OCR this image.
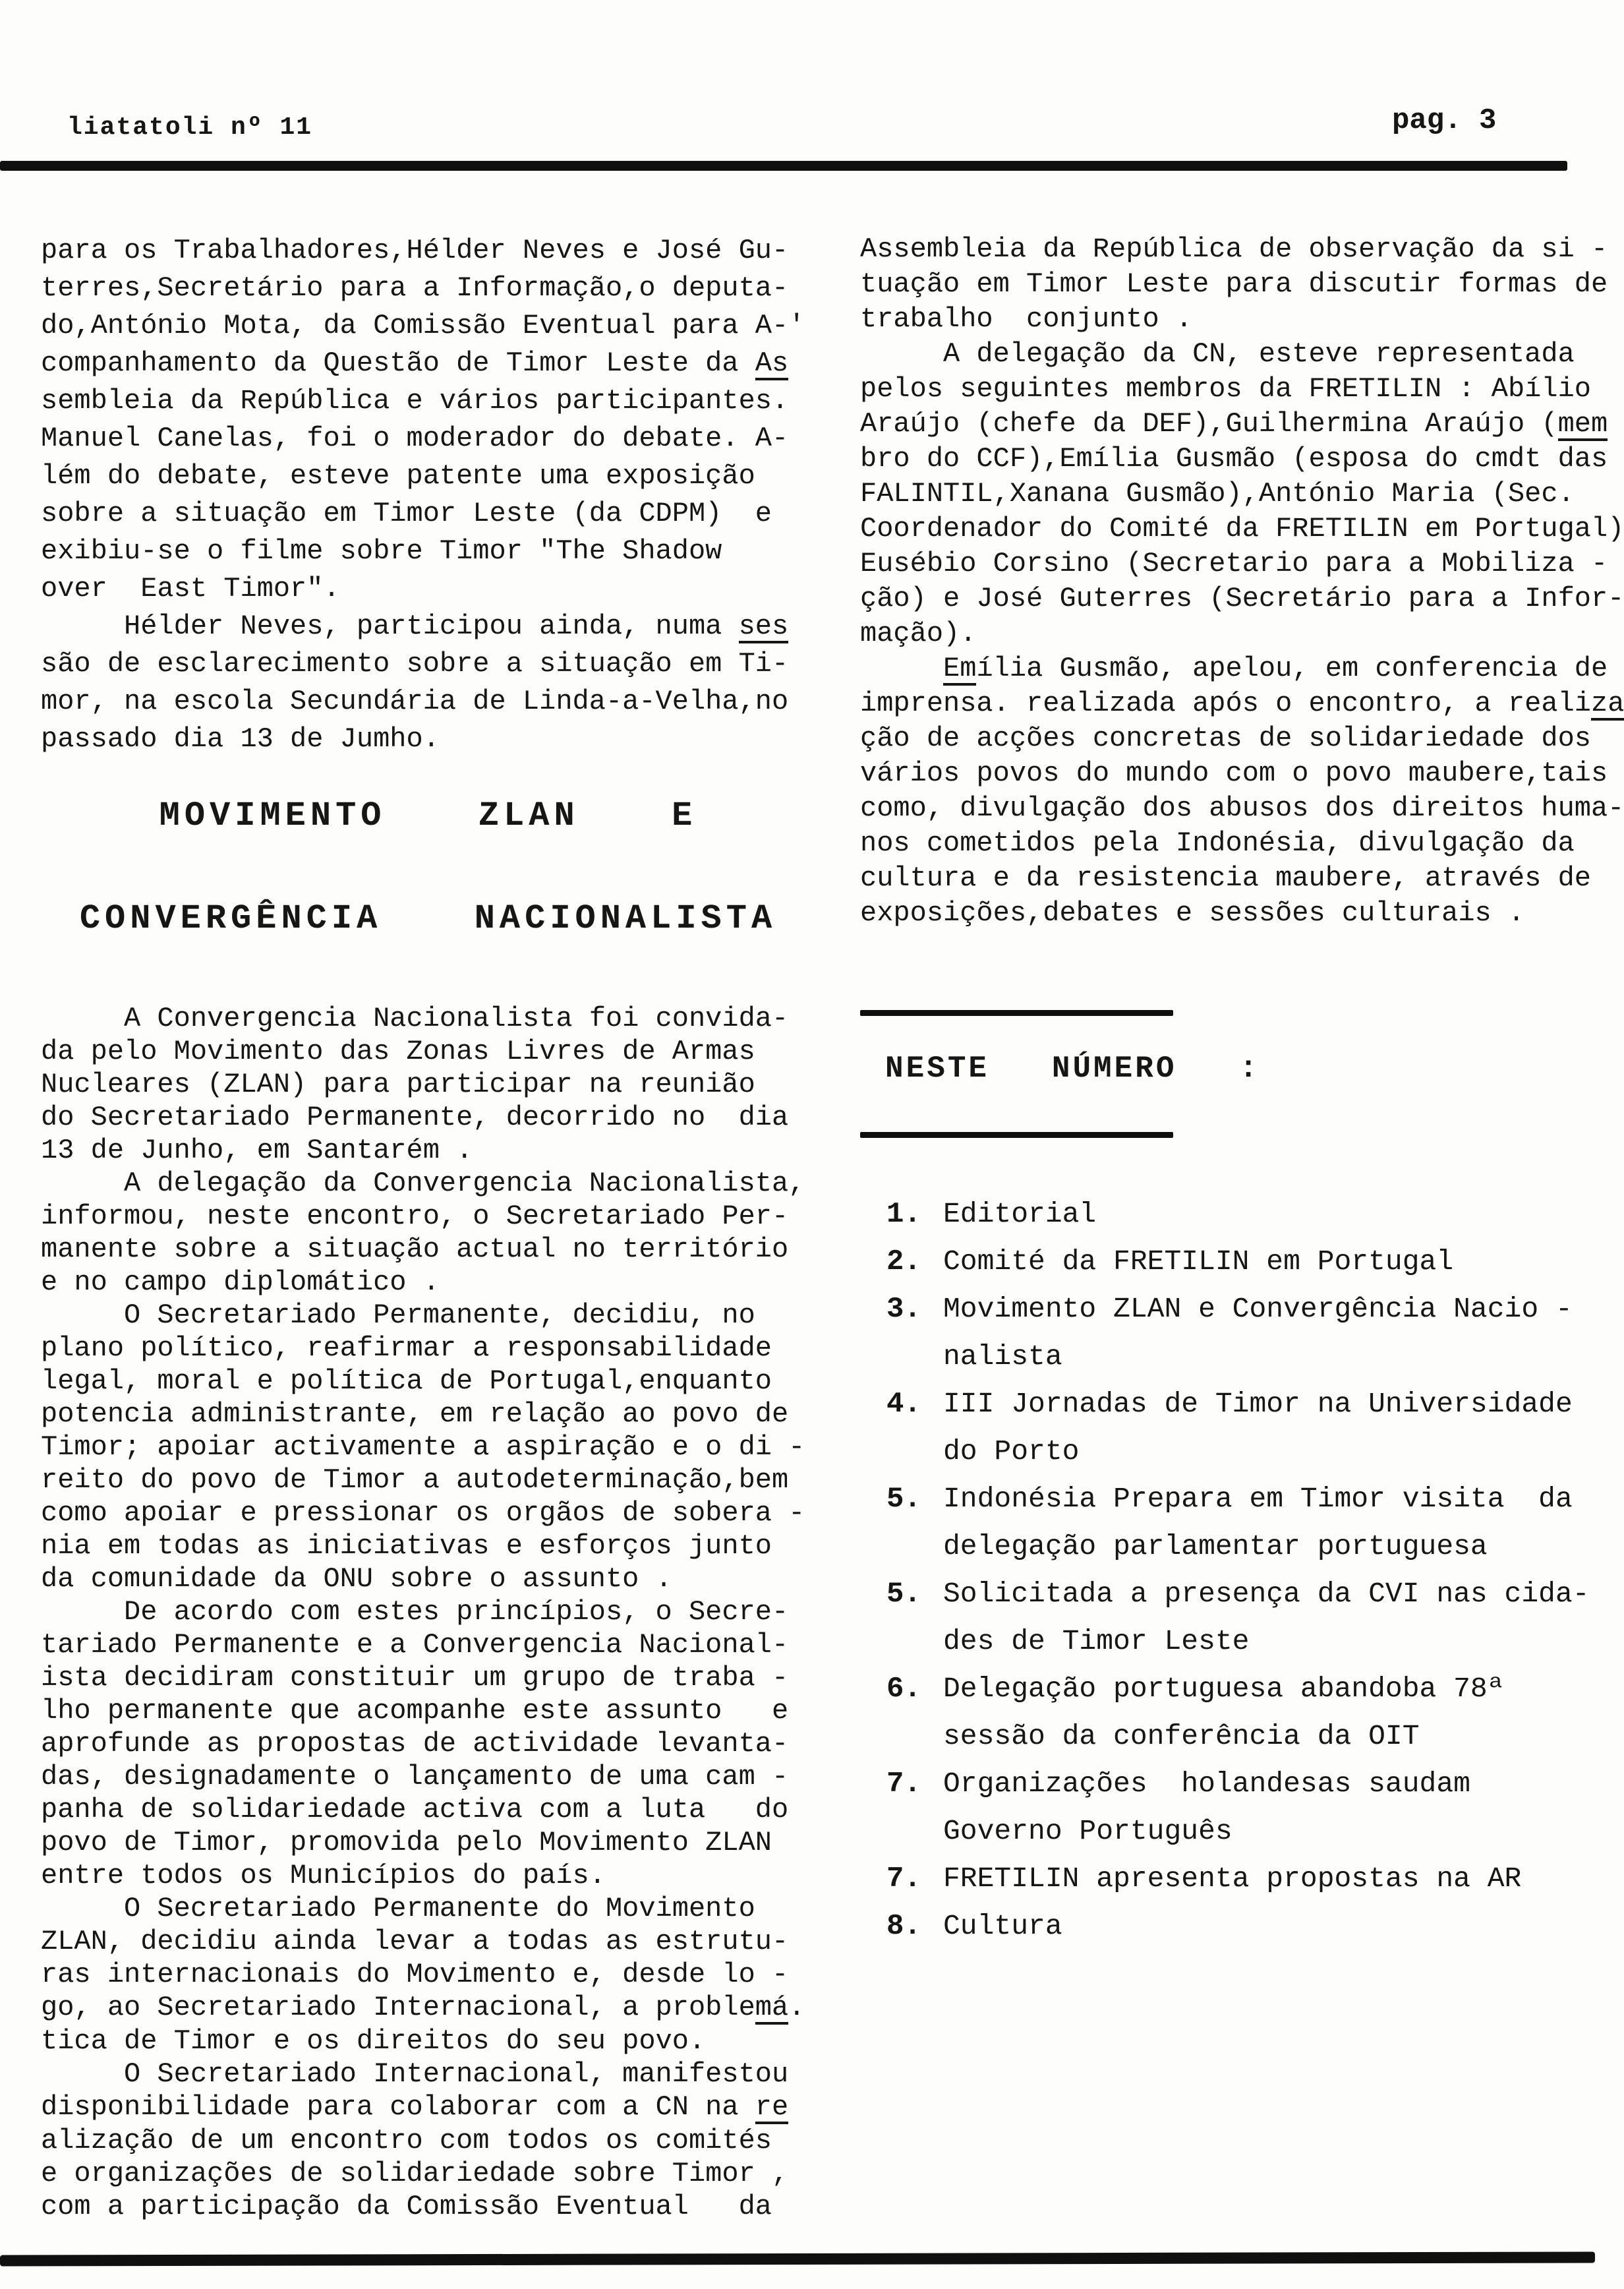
liatatoli nº 11	pag. 3
para os Trabalhadores,Hélder Neves e José Gu-
terres,Secretário para a Informação,o deputa-
do,António Mota, da Comissão Eventual para A-'
companhamento da Questão de Timor Leste da As
sembleia da República e vários participantes.
Manuel Canelas, foi o moderador do debate. A-
lém do debate, esteve patente uma exposição
sobre a situação em Timor Leste (da CDPM)  e
exibiu-se o filme sobre Timor "The Shadow
over  East Timor".
Hélder Neves, participou ainda, numa ses
são de esclarecimento sobre a situação em Ti-
mor, na escola Secundária de Linda-a-Velha,no
passado dia 13 de Jumho.
MOVIMENTO  ZLAN  E
CONVERGÊNCIA  NACIONALISTA
A Convergencia Nacionalista foi convida-
da pelo Movimento das Zonas Livres de Armas
Nucleares (ZLAN) para participar na reunião
do Secretariado Permanente, decorrido no  dia
13 de Junho, em Santarém .
A delegação da Convergencia Nacionalista,
informou, neste encontro, o Secretariado Per-
manente sobre a situação actual no território
e no campo diplomático .
O Secretariado Permanente, decidiu, no
plano político, reafirmar a responsabilidade
legal, moral e política de Portugal,enquanto
potencia administrante, em relação ao povo de
Timor; apoiar activamente a aspiração e o di -
reito do povo de Timor a autodeterminação,bem
como apoiar e pressionar os orgãos de sobera -
nia em todas as iniciativas e esforços junto
da comunidade da ONU sobre o assunto .
De acordo com estes princípios, o Secre-
tariado Permanente e a Convergencia Nacional-
ista decidiram constituir um grupo de traba -
lho permanente que acompanhe este assunto   e
aprofunde as propostas de actividade levanta-
das, designadamente o lançamento de uma cam -
panha de solidariedade activa com a luta   do
povo de Timor, promovida pelo Movimento ZLAN
entre todos os Municípios do país.
O Secretariado Permanente do Movimento
ZLAN, decidiu ainda levar a todas as estrutu-
ras internacionais do Movimento e, desde lo -
go, ao Secretariado Internacional, a problemá.
tica de Timor e os direitos do seu povo.
O Secretariado Internacional, manifestou
disponibilidade para colaborar com a CN na re
alização de um encontro com todos os comités
e organizações de solidariedade sobre Timor ,
com a participação da Comissão Eventual   da
Assembleia da República de observação da si -
tuação em Timor Leste para discutir formas de
trabalho  conjunto .
A delegação da CN, esteve representada
pelos seguintes membros da FRETILIN : Abílio
Araújo (chefe da DEF),Guilhermina Araújo (mem
bro do CCF),Emília Gusmão (esposa do cmdt das
FALINTIL,Xanana Gusmão),António Maria (Sec.
Coordenador do Comité da FRETILIN em Portugal)
Eusébio Corsino (Secretario para a Mobiliza -
ção) e José Guterres (Secretário para a Infor-
mação).
Emília Gusmão, apelou, em conferencia de
imprensa. realizada após o encontro, a realiza
ção de acções concretas de solidariedade dos
vários povos do mundo com o povo maubere,tais
como, divulgação dos abusos dos direitos huma-
nos cometidos pela Indonésia, divulgação da
cultura e da resistencia maubere, através de
exposições,debates e sessões culturais .
NESTE   NÚMERO   :
1. Editorial
2. Comité da FRETILIN em Portugal
3. Movimento ZLAN e Convergência Nacio -
nalista
4. III Jornadas de Timor na Universidade
do Porto
5. Indonésia Prepara em Timor visita  da
delegação parlamentar portuguesa
5. Solicitada a presença da CVI nas cida-
des de Timor Leste
6. Delegação portuguesa abandoba 78ª
sessão da conferência da OIT
7. Organizações  holandesas saudam
Governo Português
7. FRETILIN apresenta propostas na AR
8. Cultura
